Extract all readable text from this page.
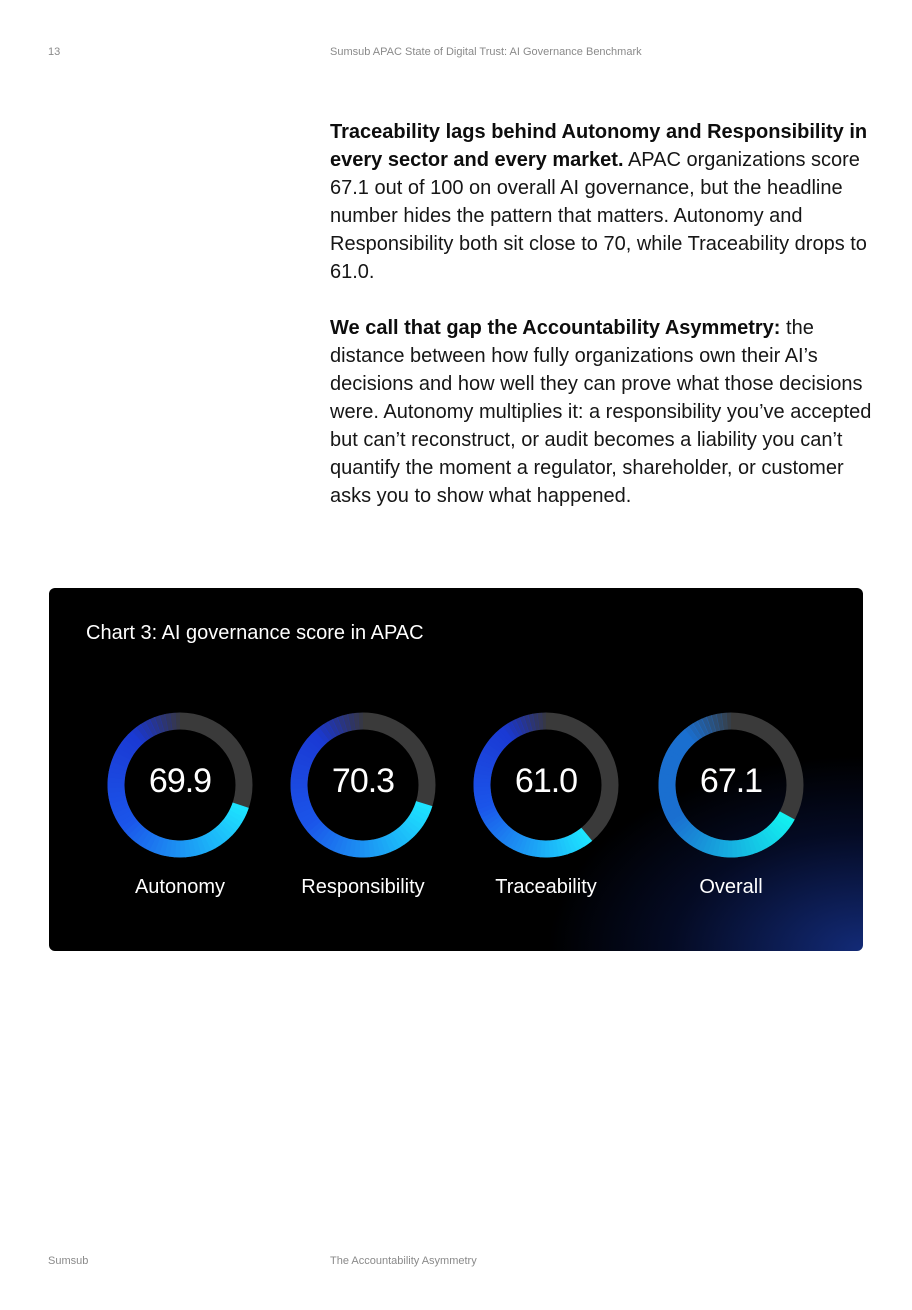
13	Sumsub APAC State of Digital Trust: AI Governance Benchmark

Traceability lags behind Autonomy and Responsibility in every sector and every market. APAC organizations score 67.1 out of 100 on overall AI governance, but the headline number hides the pattern that matters. Autonomy and Responsibility both sit close to 70, while Traceability drops to 61.0.

We call that gap the Accountability Asymmetry: the distance between how fully organizations own their AI’s decisions and how well they can prove what those decisions were. Autonomy multiplies it: a responsibility you’ve accepted but can’t reconstruct, or audit becomes a liability you can’t quantify the moment a regulator, shareholder, or customer asks you to show what happened.

Chart 3: AI governance score in APAC
69.9
Autonomy
70.3
Responsibility
61.0
Traceability
67.1
Overall
Sumsub	The Accountability Asymmetry
